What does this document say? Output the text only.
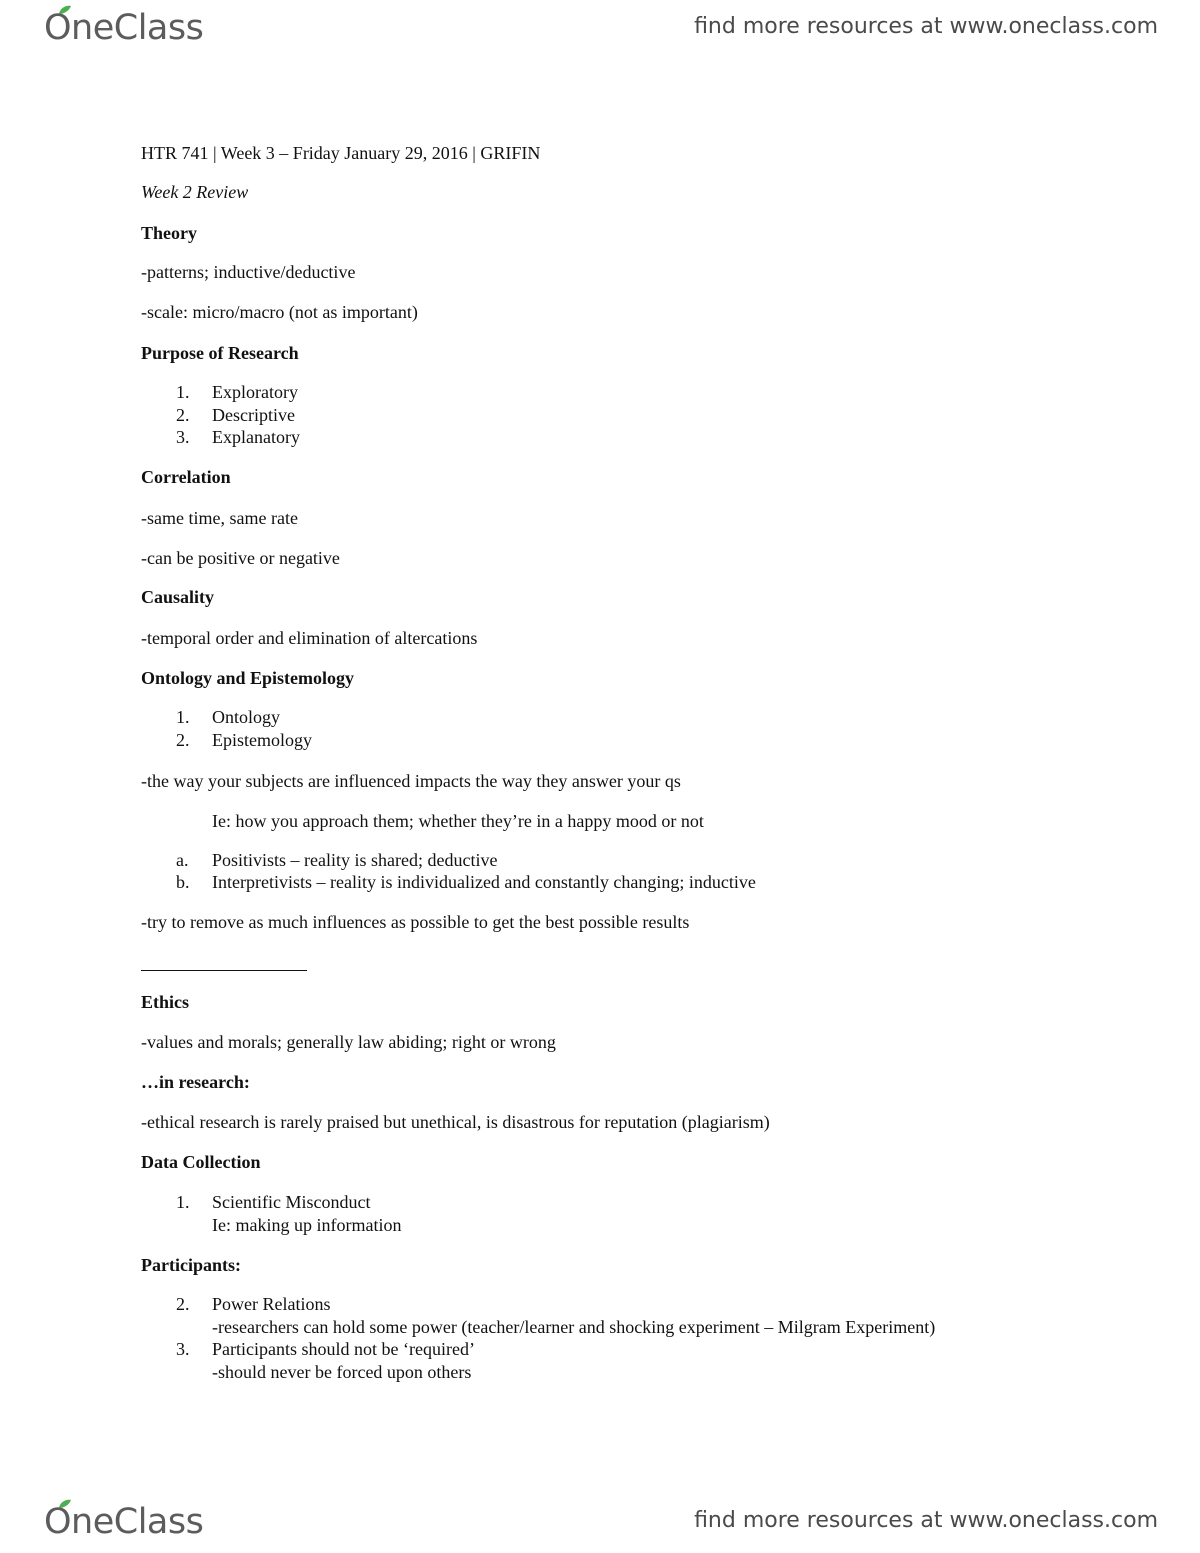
OneClass	find more resources at www.oneclass.com
HTR 741 | Week 3 – Friday January 29, 2016 | GRIFIN
Week 2 Review
Theory
-patterns; inductive/deductive
-scale: micro/macro (not as important)
Purpose of Research
1. Exploratory
2. Descriptive
3. Explanatory
Correlation
-same time, same rate
-can be positive or negative
Causality
-temporal order and elimination of altercations
Ontology and Epistemology
1. Ontology
2. Epistemology
-the way your subjects are influenced impacts the way they answer your qs
Ie: how you approach them; whether they’re in a happy mood or not
a. Positivists – reality is shared; deductive
b. Interpretivists – reality is individualized and constantly changing; inductive
-try to remove as much influences as possible to get the best possible results
Ethics
-values and morals; generally law abiding; right or wrong
…in research:
-ethical research is rarely praised but unethical, is disastrous for reputation (plagiarism)
Data Collection
1. Scientific Misconduct
Ie: making up information
Participants:
2. Power Relations
-researchers can hold some power (teacher/learner and shocking experiment – Milgram Experiment)
3. Participants should not be ‘required’
-should never be forced upon others
OneClass	find more resources at www.oneclass.com
